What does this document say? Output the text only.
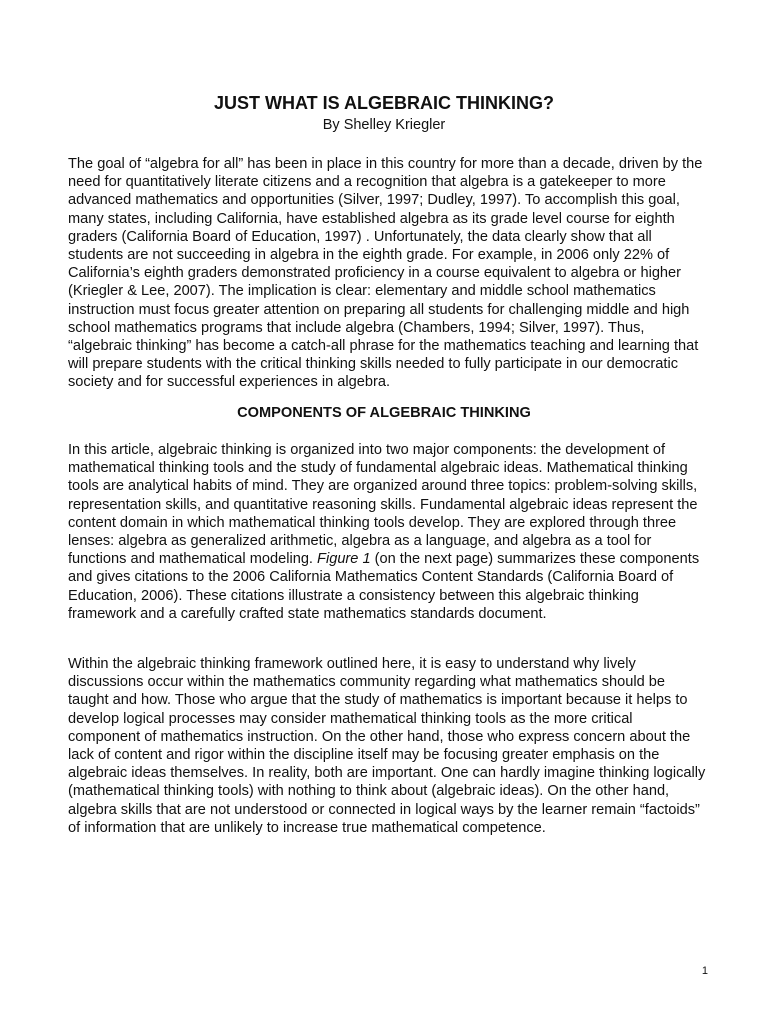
JUST WHAT IS ALGEBRAIC THINKING?
By Shelley Kriegler

The goal of “algebra for all” has been in place in this country for more than a decade, driven by the need for quantitatively literate citizens and a recognition that algebra is a gatekeeper to more advanced mathematics and opportunities (Silver, 1997; Dudley, 1997). To accomplish this goal, many states, including California, have established algebra as its grade level course for eighth graders (California Board of Education, 1997) . Unfortunately, the data clearly show that all students are not succeeding in algebra in the eighth grade. For example, in 2006 only 22% of California’s eighth graders demonstrated proficiency in a course equivalent to algebra or higher (Kriegler & Lee, 2007). The implication is clear: elementary and middle school mathematics instruction must focus greater attention on preparing all students for challenging middle and high school mathematics programs that include algebra (Chambers, 1994; Silver, 1997). Thus, “algebraic thinking” has become a catch-all phrase for the mathematics teaching and learning that will prepare students with the critical thinking skills needed to fully participate in our democratic society and for successful experiences in algebra.

COMPONENTS OF ALGEBRAIC THINKING

In this article, algebraic thinking is organized into two major components: the development of mathematical thinking tools and the study of fundamental algebraic ideas. Mathematical thinking tools are analytical habits of mind. They are organized around three topics: problem-solving skills, representation skills, and quantitative reasoning skills. Fundamental algebraic ideas represent the content domain in which mathematical thinking tools develop. They are explored through three lenses: algebra as generalized arithmetic, algebra as a language, and algebra as a tool for functions and mathematical modeling. Figure 1 (on the next page) summarizes these components and gives citations to the 2006 California Mathematics Content Standards (California Board of Education, 2006). These citations illustrate a consistency between this algebraic thinking framework and a carefully crafted state mathematics standards document.

Within the algebraic thinking framework outlined here, it is easy to understand why lively discussions occur within the mathematics community regarding what mathematics should be taught and how. Those who argue that the study of mathematics is important because it helps to develop logical processes may consider mathematical thinking tools as the more critical component of mathematics instruction. On the other hand, those who express concern about the lack of content and rigor within the discipline itself may be focusing greater emphasis on the algebraic ideas themselves. In reality, both are important. One can hardly imagine thinking logically (mathematical thinking tools) with nothing to think about (algebraic ideas). On the other hand, algebra skills that are not understood or connected in logical ways by the learner remain “factoids” of information that are unlikely to increase true mathematical competence.

1
